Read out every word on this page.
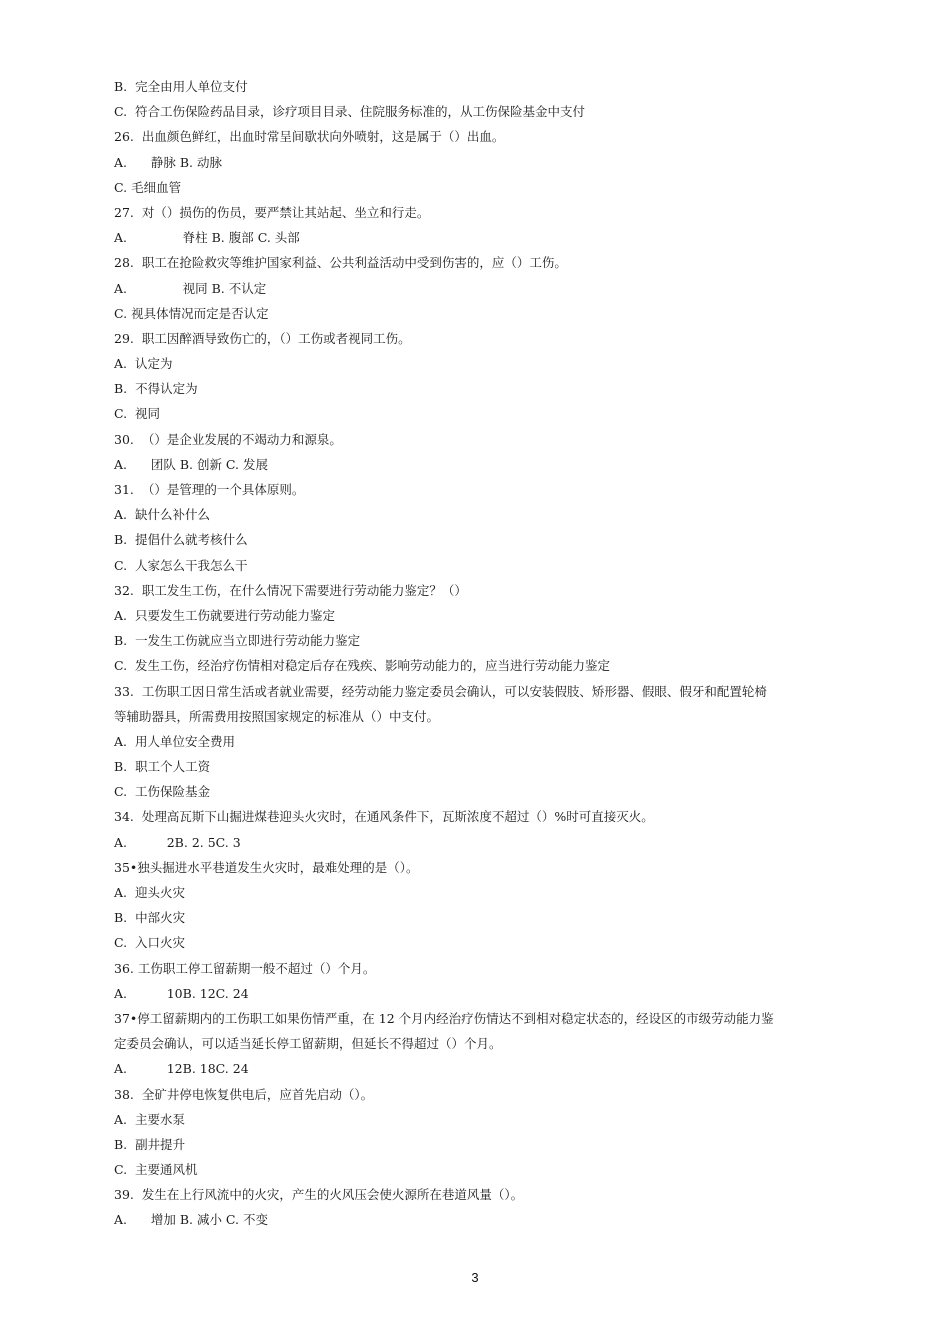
B.  完全由用人单位支付
C.  符合工伤保险药品目录，诊疗项目目录、住院服务标准的，从工伤保险基金中支付
26.  出血颜色鲜红，出血时常呈间歇状向外喷射，这是属于（）出血。
A.      静脉 B. 动脉
C. 毛细血管
27.  对（）损伤的伤员，要严禁让其站起、坐立和行走。
A.              脊柱 B. 腹部 C. 头部
28.  职工在抢险救灾等维护国家利益、公共利益活动中受到伤害的，应（）工伤。
A.              视同 B. 不认定
C. 视具体情况而定是否认定
29.  职工因醉酒导致伤亡的，（）工伤或者视同工伤。
A.  认定为
B.  不得认定为
C.  视同
30.  （）是企业发展的不竭动力和源泉。
A.      团队 B. 创新 C. 发展
31.  （）是管理的一个具体原则。
A.  缺什么补什么
B.  提倡什么就考核什么
C.  人家怎么干我怎么干
32.  职工发生工伤，在什么情况下需要进行劳动能力鉴定？（）
A.  只要发生工伤就要进行劳动能力鉴定
B.  一发生工伤就应当立即进行劳动能力鉴定
C.  发生工伤，经治疗伤情相对稳定后存在残疾、影响劳动能力的，应当进行劳动能力鉴定
33.  工伤职工因日常生活或者就业需要，经劳动能力鉴定委员会确认，可以安装假肢、矫形器、假眼、假牙和配置轮椅
等辅助器具，所需费用按照国家规定的标准从（）中支付。
A.  用人单位安全费用
B.  职工个人工资
C.  工伤保险基金
34.  处理高瓦斯下山掘进煤巷迎头火灾时，在通风条件下，瓦斯浓度不超过（）%时可直接灭火。
A.          2B. 2. 5C. 3
35•独头掘进水平巷道发生火灾时，最难处理的是（）。
A.  迎头火灾
B.  中部火灾
C.  入口火灾
36. 工伤职工停工留薪期一般不超过（）个月。
A.          10B. 12C. 24
37•停工留薪期内的工伤职工如果伤情严重，在 12 个月内经治疗伤情达不到相对稳定状态的，经设区的市级劳动能力鉴
定委员会确认，可以适当延长停工留薪期，但延长不得超过（）个月。
A.          12B. 18C. 24
38.  全矿井停电恢复供电后，应首先启动（）。
A.  主要水泵
B.  副井提升
C.  主要通风机
39.  发生在上行风流中的火灾，产生的火风压会使火源所在巷道风量（）。
A.      增加 B. 减小 C. 不变
3
